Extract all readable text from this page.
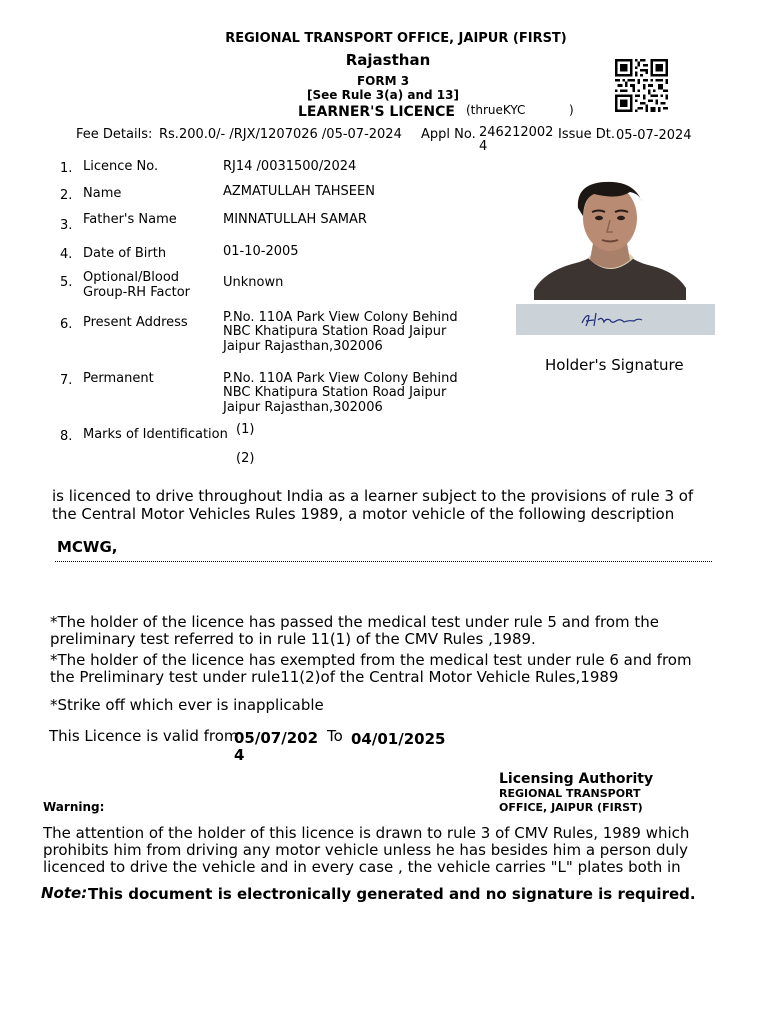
REGIONAL TRANSPORT OFFICE, JAIPUR (FIRST)
Rajasthan
FORM 3
[See Rule 3(a) and 13]
LEARNER'S LICENCE (thrueKYC	)
Fee Details: Rs.200.0/- /RJX/1207026 /05-07-2024 Appl No. 246212002
4
Issue Dt. 05-07-2024
1. Licence No.	RJ14 /0031500/2024
2. Name	AZMATULLAH TAHSEEN
3. Father's Name	MINNATULLAH SAMAR
4. Date of Birth	01-10-2005
5. Optional/Blood
Group-RH Factor
Unknown
6. Present Address	P.No. 110A Park View Colony Behind
NBC Khatipura Station Road Jaipur
Jaipur Rajasthan,302006
7. Permanent	P.No. 110A Park View Colony Behind
NBC Khatipura Station Road Jaipur
Jaipur Rajasthan,302006
8. Marks of Identification (1)
(2)
Holder's Signature
is licenced to drive throughout India as a learner subject to the provisions of rule 3 of
the Central Motor Vehicles Rules 1989, a motor vehicle of the following description
MCWG,
*The holder of the licence has passed the medical test under rule 5 and from the
preliminary test referred to in rule 11(1) of the CMV Rules ,1989.
*The holder of the licence has exempted from the medical test under rule 6 and from
the Preliminary test under rule11(2)of the Central Motor Vehicle Rules,1989
*Strike off which ever is inapplicable
This Licence is valid from
05/07/202
4
To 04/01/2025
Licensing Authority
REGIONAL TRANSPORT
OFFICE, JAIPUR (FIRST)
Warning:
The attention of the holder of this licence is drawn to rule 3 of CMV Rules, 1989 which
prohibits him from driving any motor vehicle unless he has besides him a person duly
licenced to drive the vehicle and in every case , the vehicle carries "L" plates both in
Note: This document is electronically generated and no signature is required.
